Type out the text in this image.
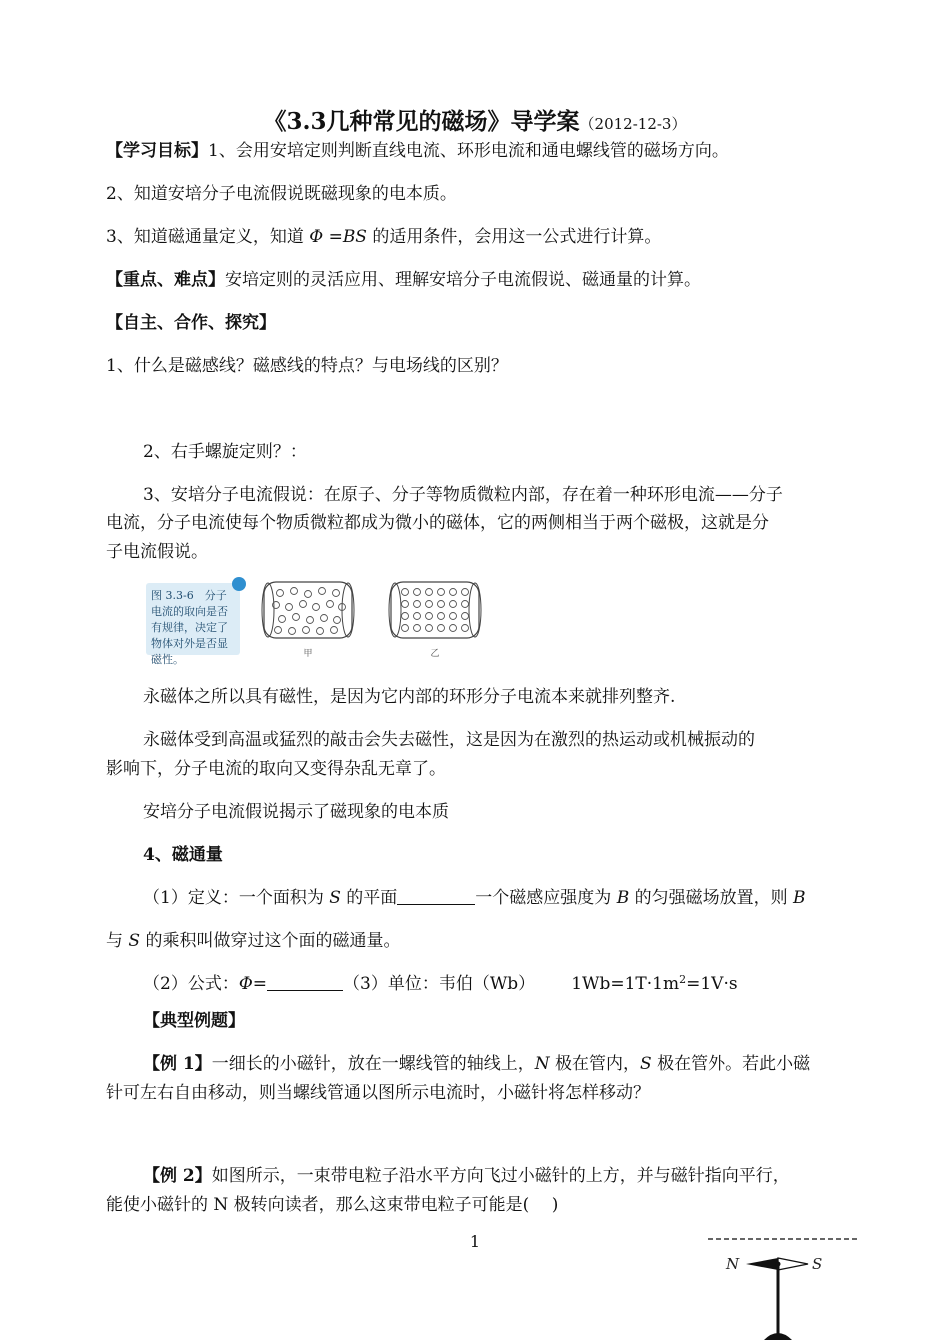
《3.3几种常见的磁场》导学案（2012-12-3）
【学习目标】1、会用安培定则判断直线电流、环形电流和通电螺线管的磁场方向。
2、知道安培分子电流假说既磁现象的电本质。
3、知道磁通量定义，知道 Φ =BS 的适用条件，会用这一公式进行计算。
【重点、难点】安培定则的灵活应用、理解安培分子电流假说、磁通量的计算。
【自主、合作、探究】
1、什么是磁感线？磁感线的特点？与电场线的区别？
2、右手螺旋定则？：
3、安培分子电流假说：在原子、分子等物质微粒内部，存在着一种环形电流——分子
电流，分子电流使每个物质微粒都成为微小的磁体，它的两侧相当于两个磁极，这就是分
子电流假说。
图 3.3-6　分子电流的取向是否有规律，决定了物体对外是否显磁性。	甲	乙
永磁体之所以具有磁性，是因为它内部的环形分子电流本来就排列整齐.
永磁体受到高温或猛烈的敲击会失去磁性，这是因为在激烈的热运动或机械振动的
影响下，分子电流的取向又变得杂乱无章了。
安培分子电流假说揭示了磁现象的电本质
4、磁通量
（1）定义：一个面积为 S 的平面	一个磁感应强度为 B 的匀强磁场放置，则 B
与 S 的乘积叫做穿过这个面的磁通量。
（2）公式：Φ=	（3）单位：韦伯（Wb） $1Wb=1T\cdot 1m^2=1V\cdot s$
【典型例题】
【例 1】一细长的小磁针，放在一螺线管的轴线上，N 极在管内，S 极在管外。若此小磁
针可左右自由移动，则当螺线管通以图所示电流时，小磁针将怎样移动？
【例 2】如图所示，一束带电粒子沿水平方向飞过小磁针的上方，并与磁针指向平行，
能使小磁针的 N 极转向读者，那么这束带电粒子可能是(　 )
1
N	S
